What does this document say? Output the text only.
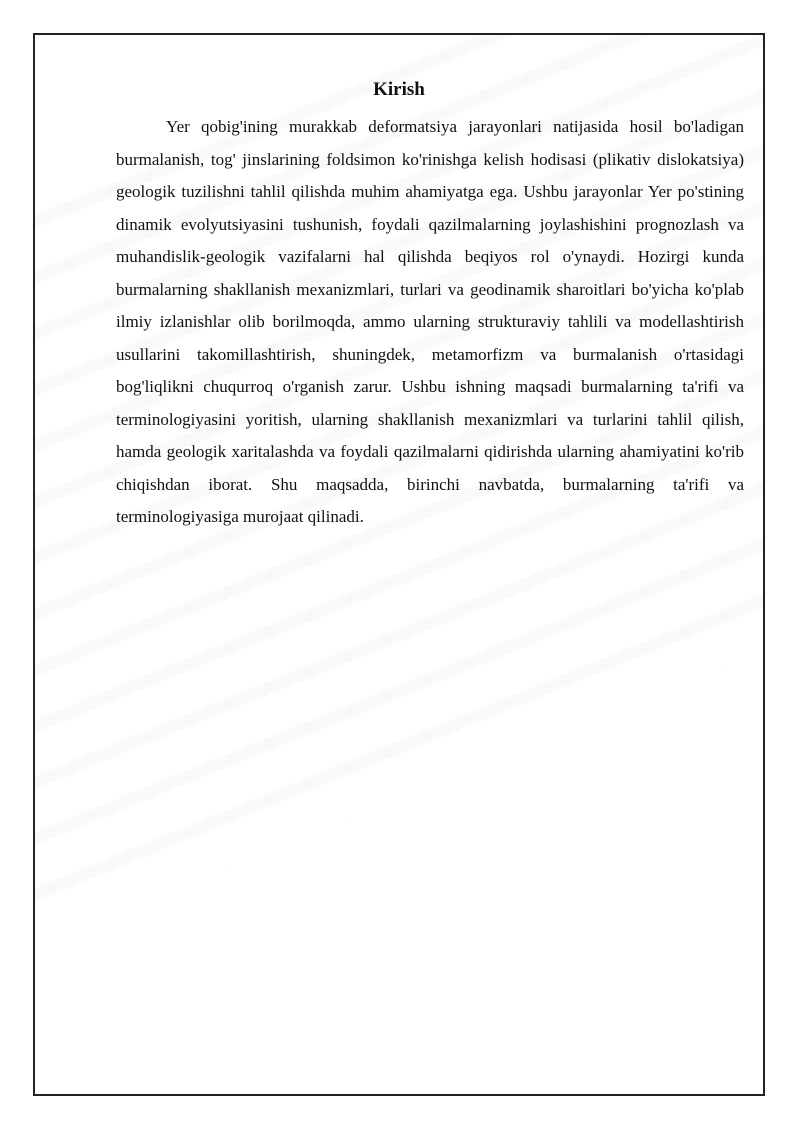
Kirish

Yer qobig'ining murakkab deformatsiya jarayonlari natijasida hosil bo'ladigan burmalanish, tog' jinslarining foldsimon ko'rinishga kelish hodisasi (plikativ dislokatsiya) geologik tuzilishni tahlil qilishda muhim ahamiyatga ega. Ushbu jarayonlar Yer po'stining dinamik evolyutsiyasini tushunish, foydali qazilmalarning joylashishini prognozlash va muhandislik-geologik vazifalarni hal qilishda beqiyos rol o'ynaydi. Hozirgi kunda burmalarning shakllanish mexanizmlari, turlari va geodinamik sharoitlari bo'yicha ko'plab ilmiy izlanishlar olib borilmoqda, ammo ularning strukturaviy tahlili va modellashtirish usullarini takomillashtirish, shuningdek, metamorfizm va burmalanish o'rtasidagi bog'liqlikni chuqurroq o'rganish zarur. Ushbu ishning maqsadi burmalarning ta'rifi va terminologiyasini yoritish, ularning shakllanish mexanizmlari va turlarini tahlil qilish, hamda geologik xaritalashda va foydali qazilmalarni qidirishda ularning ahamiyatini ko'rib chiqishdan iborat. Shu maqsadda, birinchi navbatda, burmalarning ta'rifi va terminologiyasiga murojaat qilinadi.
